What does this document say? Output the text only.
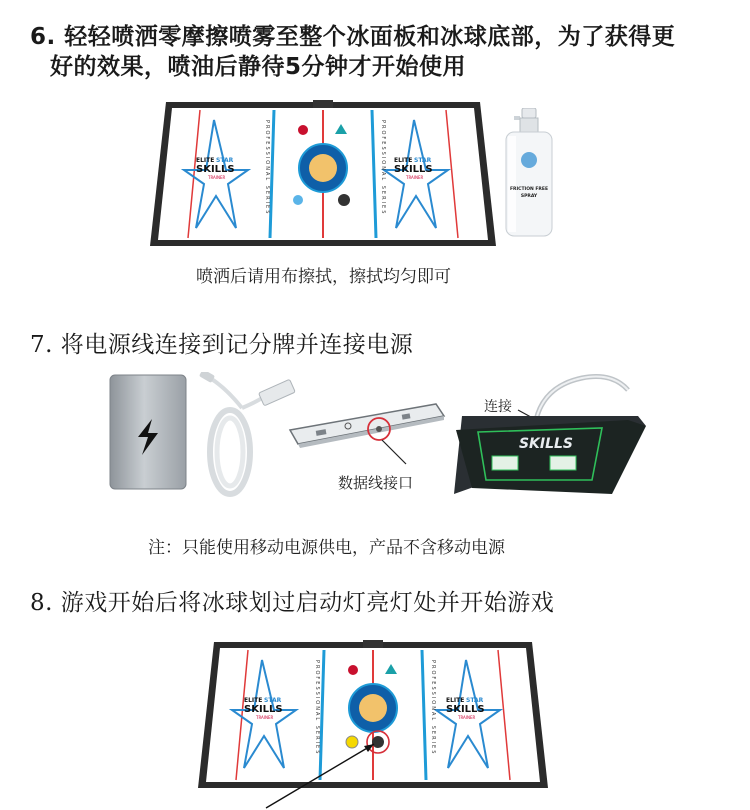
6. 轻轻喷洒零摩擦喷雾至整个冰面板和冰球底部，为了获得更
好的效果，喷油后静待5分钟才开始使用
ELITE STAR
SKILLS
TRAINER
ELITE STAR
SKILLS
TRAINER
PROFESSIONAL SERIES	PROFESSIONAL SERIES	FRICTION FREE
SPRAY
喷洒后请用布擦拭，擦拭均匀即可
7. 将电源线连接到记分牌并连接电源
数据线接口
连接
SKILLS
注：只能使用移动电源供电，产品不含移动电源
8. 游戏开始后将冰球划过启动灯亮灯处并开始游戏
ELITE STAR
SKILLS
TRAINER
ELITE STAR
SKILLS
TRAINER
PROFESSIONAL SERIES	PROFESSIONAL SERIES
